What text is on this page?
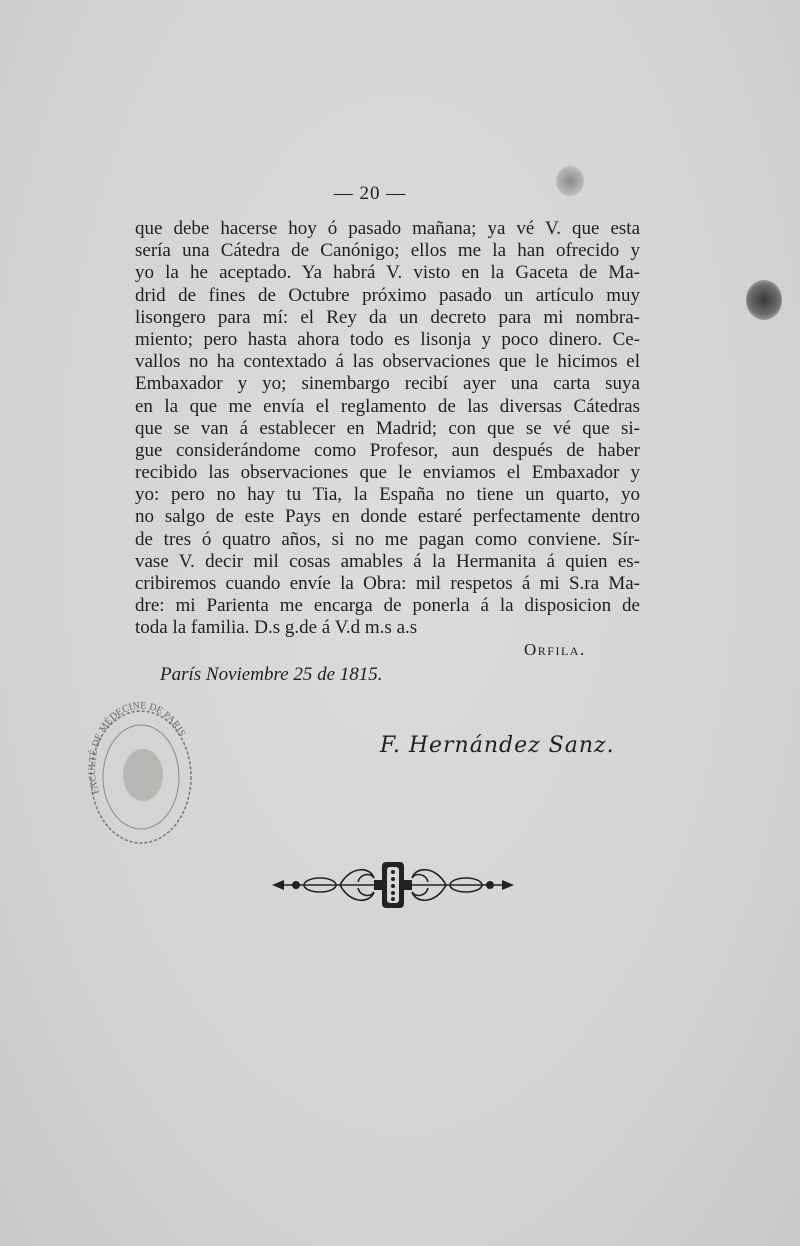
— 20 —
que debe hacerse hoy ó pasado mañana; ya vé V. que esta
sería una Cátedra de Canónigo; ellos me la han ofrecido y
yo la he aceptado. Ya habrá V. visto en la Gaceta de Ma-
drid de fines de Octubre próximo pasado un artículo muy
lisongero para mí: el Rey da un decreto para mi nombra-
miento; pero hasta ahora todo es lisonja y poco dinero. Ce-
vallos no ha contextado á las observaciones que le hicimos el
Embaxador y yo; sinembargo recibí ayer una carta suya
en la que me envía el reglamento de las diversas Cátedras
que se van á establecer en Madrid; con que se vé que si-
gue considerándome como Profesor, aun después de haber
recibido las observaciones que le enviamos el Embaxador y
yo: pero no hay tu Tia, la España no tiene un quarto, yo
no salgo de este Pays en donde estaré perfectamente dentro
de tres ó quatro años, si no me pagan como conviene. Sír-
vase V. decir mil cosas amables á la Hermanita á quien es-
cribiremos cuando envíe la Obra: mil respetos á mi S.ra Ma-
dre: mi Parienta me encarga de ponerla á la disposicion de
toda la familia. D.s g.de á V.d m.s a.s
Orfila.
París Noviembre 25 de 1815.
FACULTÉ DE MÉDECINE DE PARIS	F. Hernández Sanz.
